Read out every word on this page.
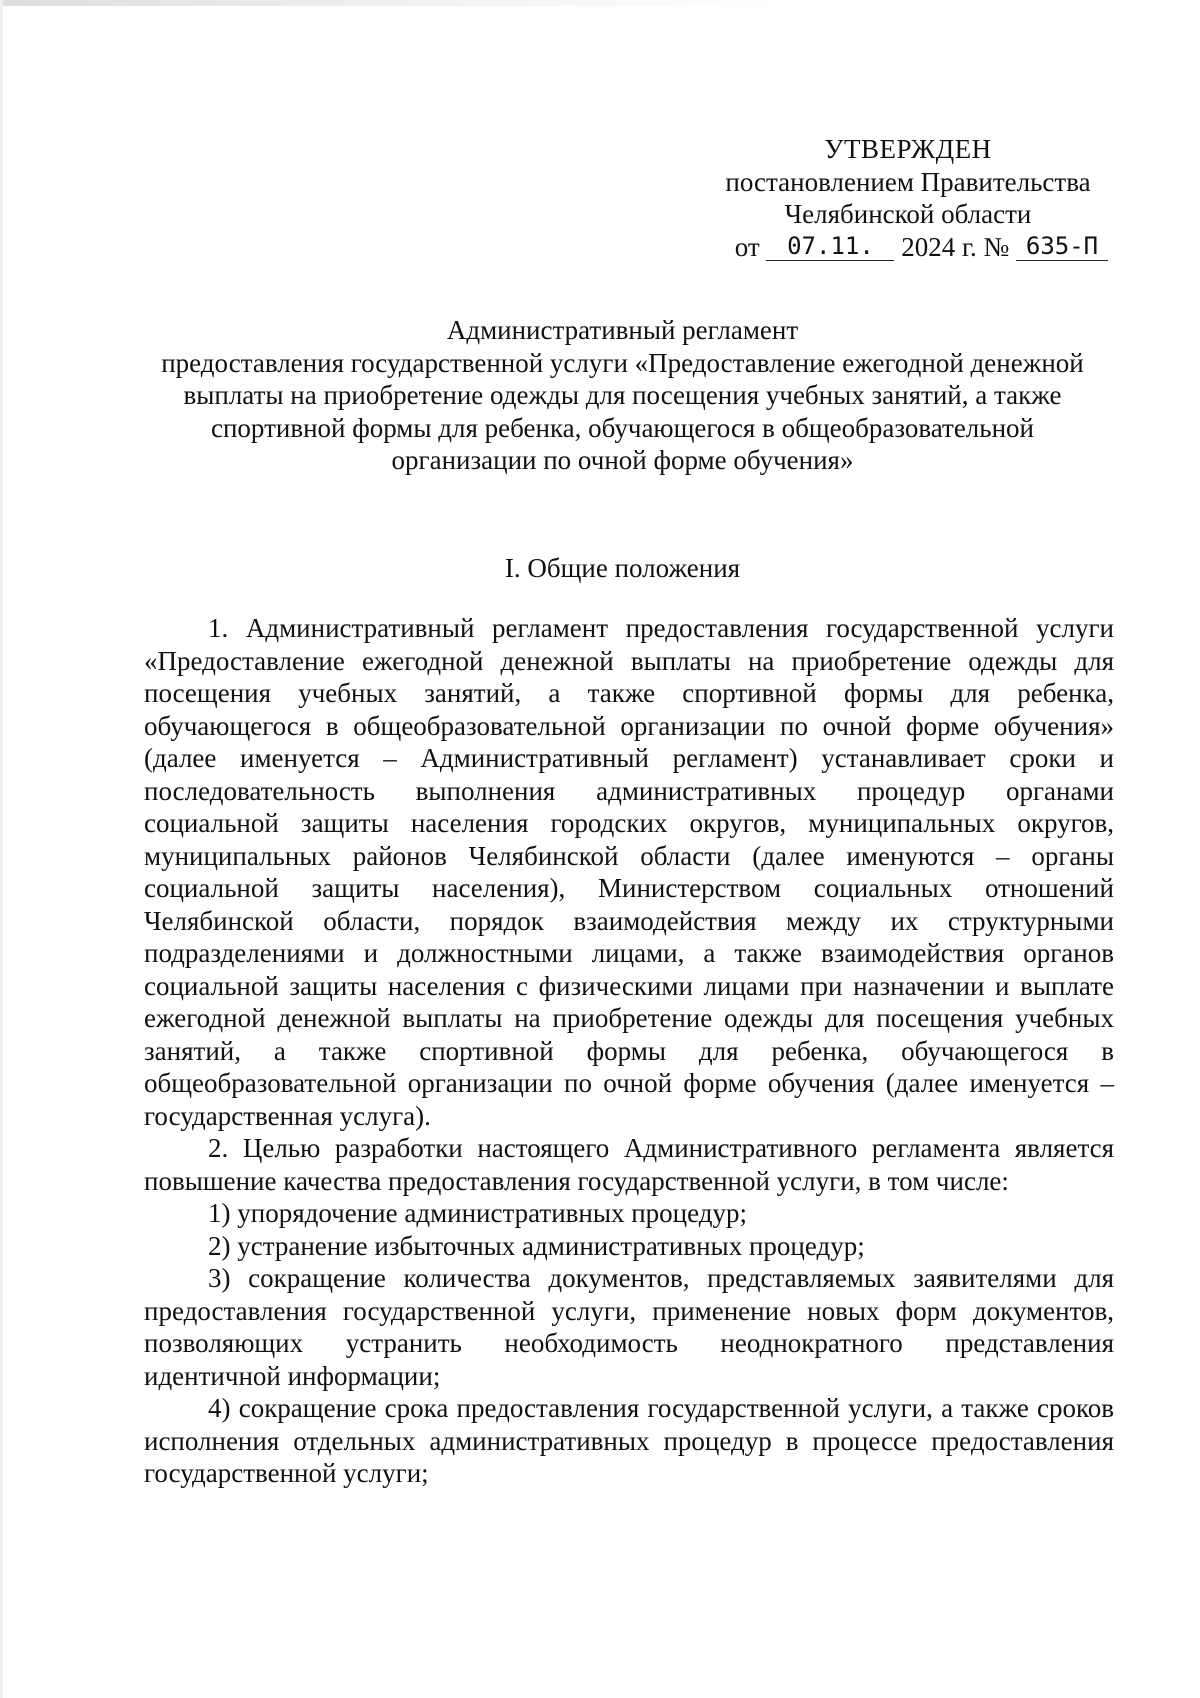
УТВЕРЖДЕН
постановлением Правительства
Челябинской области
от 07.11. 2024 г. № 635-П
Административный регламент
предоставления государственной услуги «Предоставление ежегодной денежной
выплаты на приобретение одежды для посещения учебных занятий, а также
спортивной формы для ребенка, обучающегося в общеобразовательной
организации по очной форме обучения»
I. Общие положения

1. Административный регламент предоставления государственной услуги «Предоставление ежегодной денежной выплаты на приобретение одежды для посещения учебных занятий, а также спортивной формы для ребенка, обучающегося в общеобразовательной организации по очной форме обучения» (далее именуется – Административный регламент) устанавливает сроки и последовательность выполнения административных процедур органами социальной защиты населения городских округов, муниципальных округов, муниципальных районов Челябинской области (далее именуются – органы социальной защиты населения), Министерством социальных отношений Челябинской области, порядок взаимодействия между их структурными подразделениями и должностными лицами, а также взаимодействия органов социальной защиты населения с физическими лицами при назначении и выплате ежегодной денежной выплаты на приобретение одежды для посещения учебных занятий, а также спортивной формы для ребенка, обучающегося в общеобразовательной организации по очной форме обучения (далее именуется – государственная услуга).

2. Целью разработки настоящего Административного регламента является повышение качества предоставления государственной услуги, в том числе:

1) упорядочение административных процедур;

2) устранение избыточных административных процедур;

3) сокращение количества документов, представляемых заявителями для предоставления государственной услуги, применение новых форм документов, позволяющих устранить необходимость неоднократного представления идентичной информации;

4) сокращение срока предоставления государственной услуги, а также сроков исполнения отдельных административных процедур в процессе предоставления государственной услуги;
